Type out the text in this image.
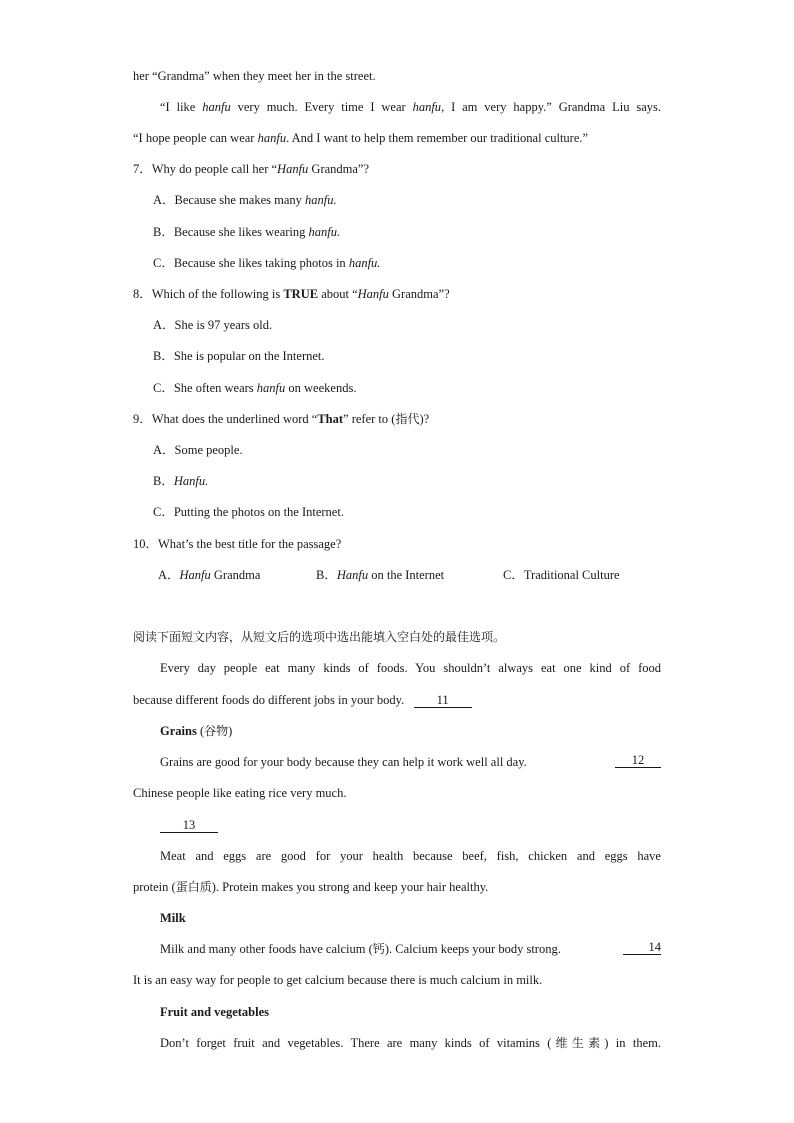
her “Grandma” when they meet her in the street.
“I like hanfu very much. Every time I wear hanfu, I am very happy.” Grandma Liu says.
“I hope people can wear hanfu. And I want to help them remember our traditional culture.”
7．Why do people call her “Hanfu Grandma”?
A．Because she makes many hanfu.
B．Because she likes wearing hanfu.
C．Because she likes taking photos in hanfu.
8．Which of the following is TRUE about “Hanfu Grandma”?
A．She is 97 years old.
B．She is popular on the Internet.
C．She often wears hanfu on weekends.
9．What does the underlined word “That” refer to (指代)?
A．Some people.
B．Hanfu.
C．Putting the photos on the Internet.
10．What’s the best title for the passage?
A．Hanfu Grandma	B．Hanfu on the Internet	C．Traditional Culture
阅读下面短文内容，从短文后的选项中选出能填入空白处的最佳选项。
Every day people eat many kinds of foods. You shouldn’t always eat one kind of food
because different foods do different jobs in your body.	11
Grains (谷物)
Grains are good for your body because they can help it work well all day.	12
Chinese people like eating rice very much.
13
Meat and eggs are good for your health because beef, fish, chicken and eggs have
protein (蛋白质). Protein makes you strong and keep your hair healthy.
Milk
Milk and many other foods have calcium (钙). Calcium keeps your body strong.	14
It is an easy way for people to get calcium because there is much calcium in milk.
Fruit and vegetables
Don’t forget fruit and vegetables. There are many kinds of vitamins (维生素) in them.
